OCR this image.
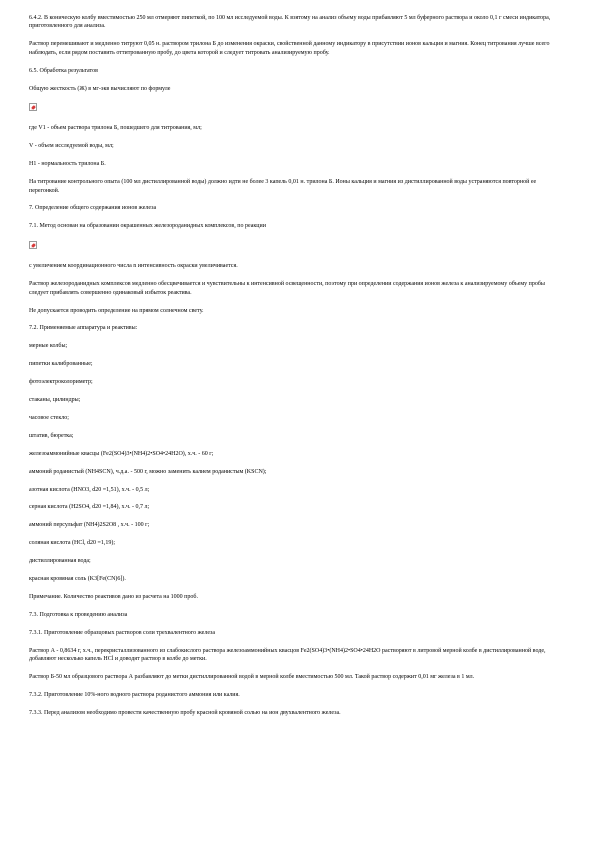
6.4.2. В коническую колбу вместимостью 250 мл отмеряют пипеткой, по 100 мл исследуемой воды. К взятому на анализ объему воды прибавляют 5 мл буферного раствора и около 0,1 г смеси индикатора, приготовленного для анализа.

Раствор перемешивают и медленно титруют 0,05 н. раствором трилона Б до изменения окраски, свойственной данному индикатору в присутствии ионов кальция и магния. Конец титрования лучше всего наблюдать, если рядом поставить оттитрованную пробу, до цвета которой и следует титровать анализируемую пробу.

6.5. Обработка результатов

Общую жесткость (Ж) в мг-экв вычисляют по формуле

где V1 - объем раствора трилона Б, пошедшего для титрования, мл;

V - объем исследуемой воды, мл;

Н1 - нормальность трилона Б.

На титрование контрольного опыта (100 мл дистиллированной воды) должно идти не более 3 капель 0,01 н. трилона Б. Ионы кальция и магния из дистиллированной воды устраняются повторной ее перегонкой.

7. Определение общего содержания ионов железа

7.1. Метод основан на образовании окрашенных железороданидных комплексов, по реакции

с увеличением координационного числа n интенсивность окраски увеличивается.

Раствор железороданидных комплексов медленно обесцвечивается и чувствительны к интенсивной освещенности, поэтому при определении содержания ионов железа к анализируемому объему пробы следует прибавлять совершенно одинаковый избыток реактива.

Не допускается проводить определение на прямом солнечном свету.

7.2. Применяемые аппаратура и реактивы:

мерные колбы;

пипетки калиброванные;

фотоэлектроколориметр;

стаканы, цилиндры;

часовое стекло;

штатив, бюретка;

железоаммонийные квасцы (Fe2(SO4)3•(NH4)2•SO4•24H2O), х.ч. - 60 г;

аммоний роданистый (NH4SCN), ч.д.а. - 500 г, можно заменить калием роданистым (KSCN);

азотная кислота (HNO3, d20 =1,51), х.ч. - 0,5 л;

серная кислота (H2SO4, d20 =1,84), х.ч. - 0,7 л;

аммоний персульфат (NH4)2S2O8 , х.ч. - 100 г;

соляная кислота (HCl, d20 =1,19);

дистиллированная вода;

красная кровяная соль (K3[Fe(CN)6]).

Примечание. Количество реактивов дано из расчета на 1000 проб.

7.3. Подготовка к проведению анализа

7.3.1. Приготовление образцовых растворов соли трехвалентного железа

Раствор А - 0,8634 г, х.ч., перекристаллизованного из слабокислого раствора железоаммонийных квасцов Fe2(SO4)3•(NH4)2•SO4•24H2O растворяют в литровой мерной колбе в дистиллированной воде, добавляют несколько капель HCl и доводят раствор в колбе до метки.

Раствор Б-50 мл образцового раствора А разбавляют до метки дистиллированной водой в мерной колбе вместимостью 500 мл. Такой раствор содержит 0,01 мг железа в 1 мл.

7.3.2. Приготовление 10%-ного водного раствора роданистого аммония или калия.

7.3.3. Перед анализом необходимо провести качественную пробу красной кровяной солью на ион двухвалентного железа.
